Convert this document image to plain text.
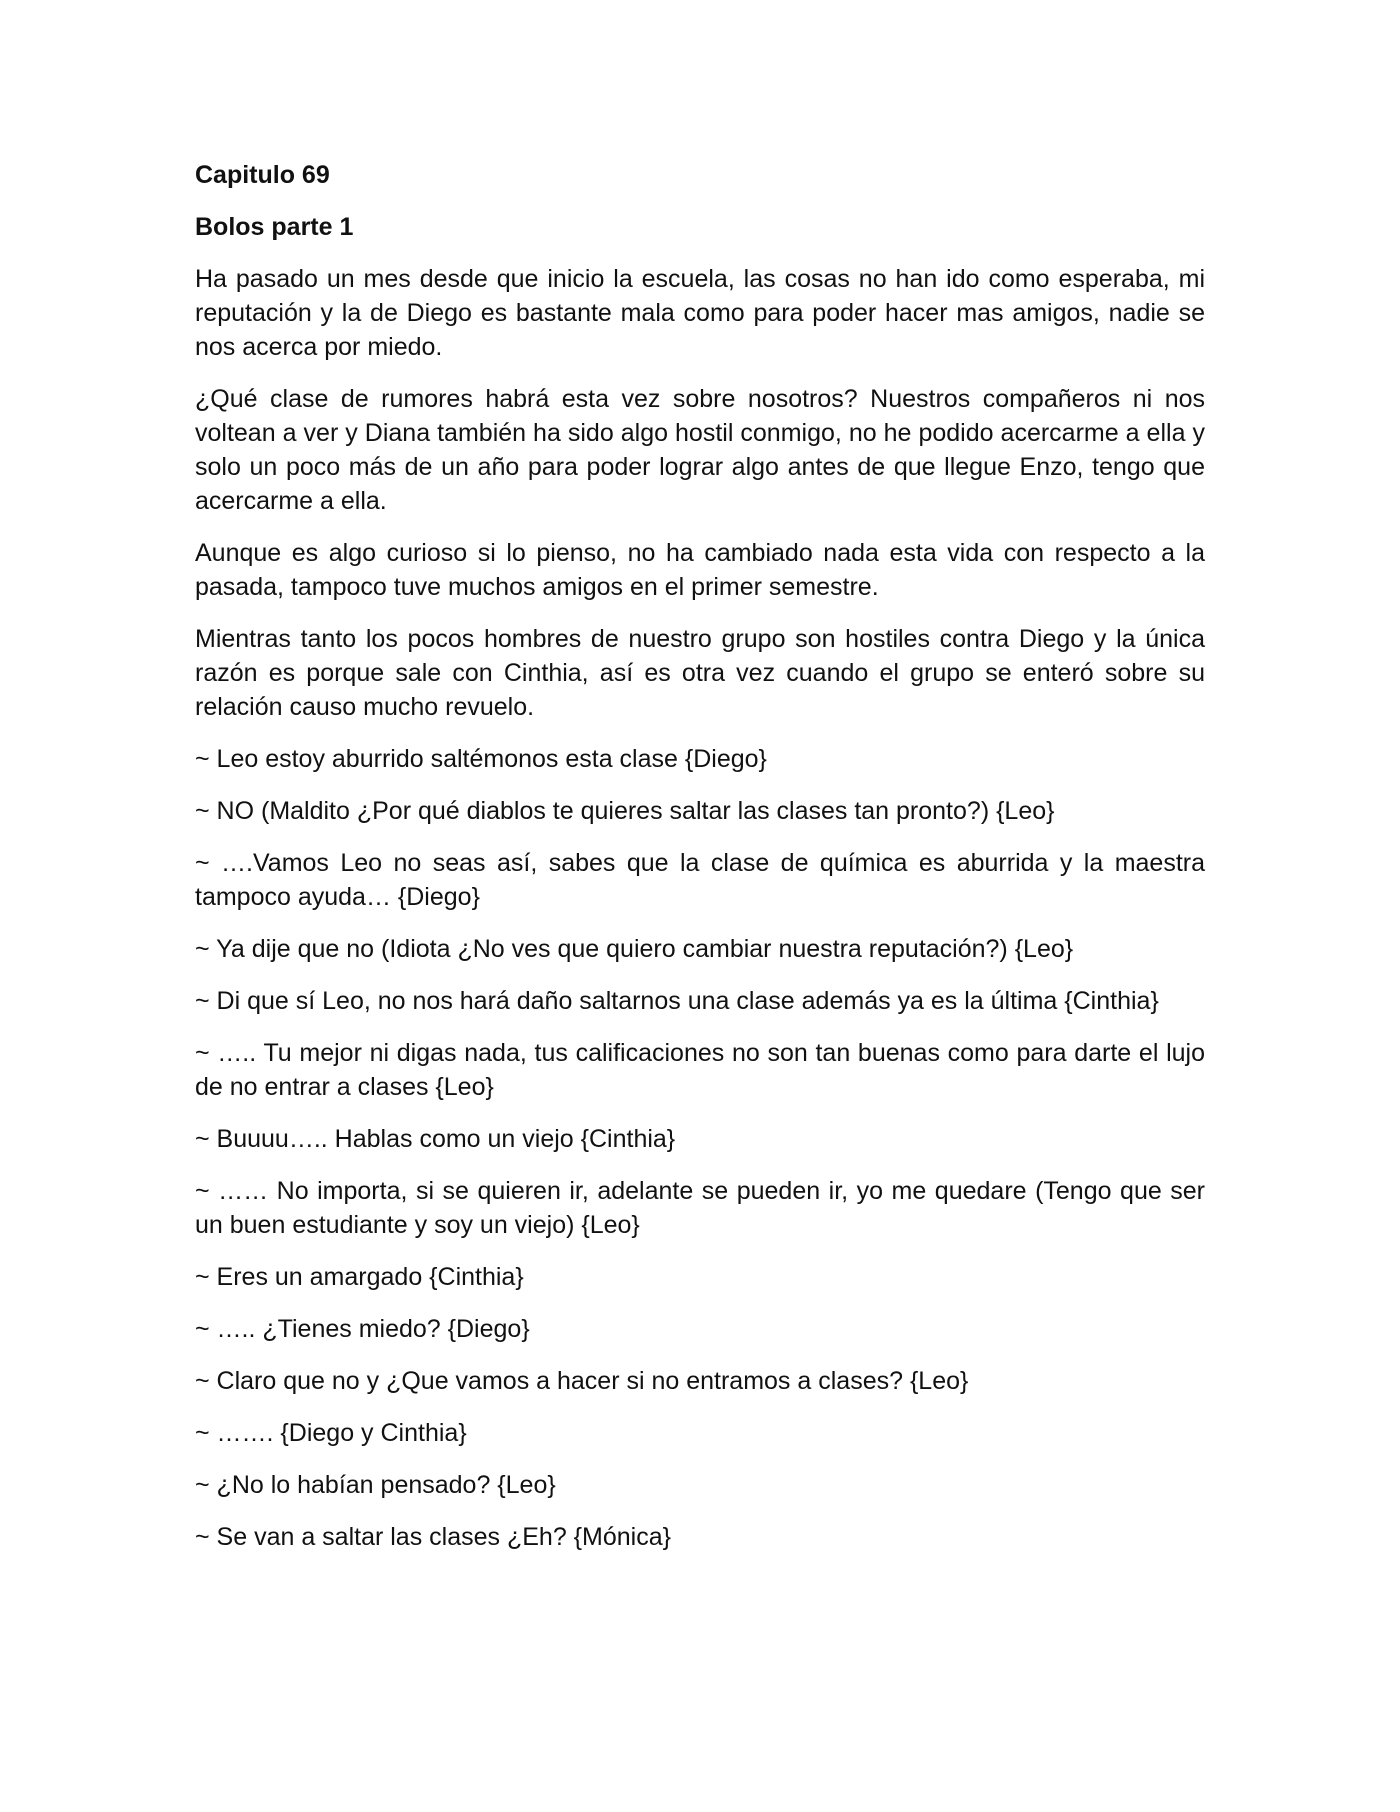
Capitulo 69

Bolos parte 1

Ha pasado un mes desde que inicio la escuela, las cosas no han ido como esperaba, mi reputación y la de Diego es bastante mala como para poder hacer mas amigos, nadie se nos acerca por miedo.

¿Qué clase de rumores habrá esta vez sobre nosotros? Nuestros compañeros ni nos voltean a ver y Diana también ha sido algo hostil conmigo, no he podido acercarme a ella y solo un poco más de un año para poder lograr algo antes de que llegue Enzo, tengo que acercarme a ella.

Aunque es algo curioso si lo pienso, no ha cambiado nada esta vida con respecto a la pasada, tampoco tuve muchos amigos en el primer semestre.

Mientras tanto los pocos hombres de nuestro grupo son hostiles contra Diego y la única razón es porque sale con Cinthia, así es otra vez cuando el grupo se enteró sobre su relación causo mucho revuelo.

~ Leo estoy aburrido saltémonos esta clase {Diego}

~ NO (Maldito ¿Por qué diablos te quieres saltar las clases tan pronto?) {Leo}

~ ….Vamos Leo no seas así, sabes que la clase de química es aburrida y la maestra tampoco ayuda… {Diego}

~ Ya dije que no (Idiota ¿No ves que quiero cambiar nuestra reputación?) {Leo}

~ Di que sí Leo, no nos hará daño saltarnos una clase además ya es la última {Cinthia}

~ ….. Tu mejor ni digas nada, tus calificaciones no son tan buenas como para darte el lujo de no entrar a clases {Leo}

~ Buuuu….. Hablas como un viejo {Cinthia}

~ …… No importa, si se quieren ir, adelante se pueden ir, yo me quedare (Tengo que ser un buen estudiante y soy un viejo) {Leo}

~ Eres un amargado {Cinthia}

~ ….. ¿Tienes miedo? {Diego}

~ Claro que no y ¿Que vamos a hacer si no entramos a clases? {Leo}

~ ……. {Diego y Cinthia}

~ ¿No lo habían pensado? {Leo}

~ Se van a saltar las clases ¿Eh? {Mónica}
